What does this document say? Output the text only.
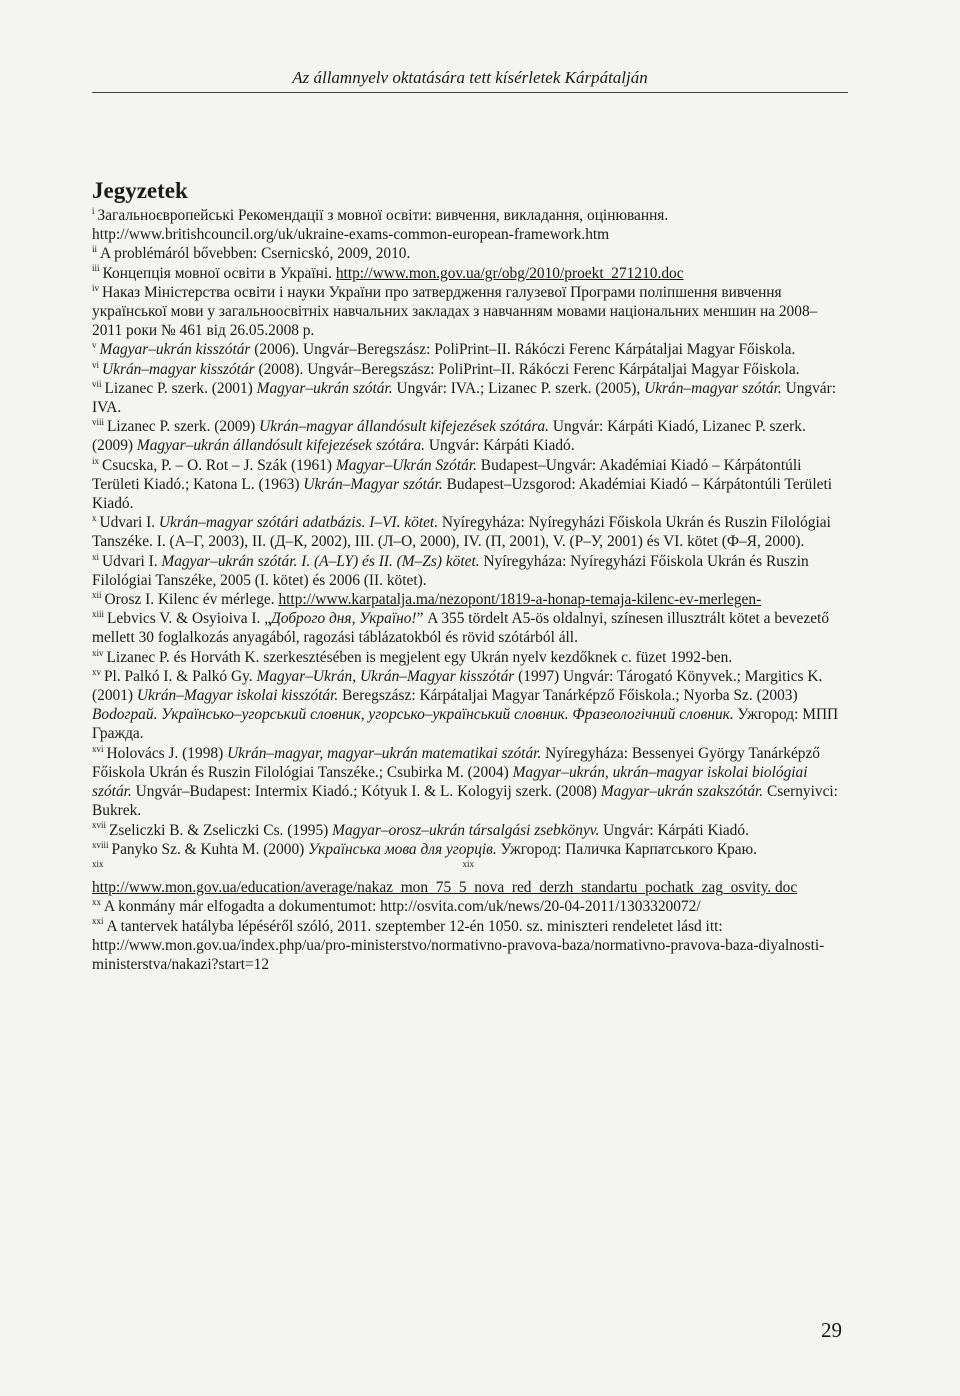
Az államnyelv oktatására tett kísérletek Kárpátalján
Jegyzetek

$^i$ Загальноєвропейські Рекомендації з мовної освіти: вивчення, викладання, оцінювання. http://www.britishcouncil.org/uk/ukraine-exams-common-european-framework.htm

$^{ii}$ A problémáról bővebben: Csernicskó, 2009, 2010.

$^{iii}$ Концепція мовної освіти в Україні. http://www.mon.gov.ua/gr/obg/2010/proekt_271210.doc

$^{iv}$ Наказ Міністерства освіти і науки України про затвердження галузевої Програми поліпшення вивчення української мови у загальноосвітніх навчальних закладах з навчанням мовами національних меншин на 2008–2011 роки № 461 від 26.05.2008 р.

$^v$ Magyar–ukrán kisszótár (2006). Ungvár–Beregszász: PoliPrint–II. Rákóczi Ferenc Kárpátaljai Magyar Főiskola.

$^{vi}$ Ukrán–magyar kisszótár (2008). Ungvár–Beregszász: PoliPrint–II. Rákóczi Ferenc Kárpátaljai Magyar Főiskola.

$^{vii}$ Lizanec P. szerk. (2001) Magyar–ukrán szótár. Ungvár: IVA.; Lizanec P. szerk. (2005), Ukrán–magyar szótár. Ungvár: IVA.

$^{viii}$ Lizanec P. szerk. (2009) Ukrán–magyar állandósult kifejezések szótára. Ungvár: Kárpáti Kiadó, Lizanec P. szerk. (2009) Magyar–ukrán állandósult kifejezések szótára. Ungvár: Kárpáti Kiadó.

$^{ix}$ Csucska, P. – O. Rot – J. Szák (1961) Magyar–Ukrán Szótár. Budapest–Ungvár: Akadémiai Kiadó – Kárpátontúli Területi Kiadó.; Katona L. (1963) Ukrán–Magyar szótár. Budapest–Uzsgorod: Akadémiai Kiadó – Kárpátontúli Területi Kiadó.

$^x$ Udvari I. Ukrán–magyar szótári adatbázis. I–VI. kötet. Nyíregyháza: Nyíregyházi Főiskola Ukrán és Ruszin Filológiai Tanszéke. I. (A–Г, 2003), II. (Д–К, 2002), III. (Л–О, 2000), IV. (П, 2001), V. (Р–У, 2001) és VI. kötet (Ф–Я, 2000).

$^{xi}$ Udvari I. Magyar–ukrán szótár. I. (A–LY) és II. (M–Zs) kötet. Nyíregyháza: Nyíregyházi Főiskola Ukrán és Ruszin Filológiai Tanszéke, 2005 (I. kötet) és 2006 (II. kötet).

$^{xii}$ Orosz I. Kilenc év mérlege. http://www.karpatalja.ma/nezopont/1819-a-honap-temaja-kilenc-ev-merlegen-

$^{xiii}$ Lebvics V. & Osyioiva I. „Доброго дня, Україно!” A 355 tördelt A5-ös oldalnyi, színesen illusztrált kötet a bevezető mellett 30 foglalkozás anyagából, ragozási táblázatokból és rövid szótárból áll.

$^{xiv}$ Lizanec P. és Horváth K. szerkesztésében is megjelent egy Ukrán nyelv kezdőknek c. füzet 1992-ben.

$^{xv}$ Pl. Palkó I. & Palkó Gy. Magyar–Ukrán, Ukrán–Magyar kisszótár (1997) Ungvár: Tárogató Könyvek.; Margitics K. (2001) Ukrán–Magyar iskolai kisszótár. Beregszász: Kárpátaljai Magyar Tanárképző Főiskola.; Nyorba Sz. (2003) Вodoграй. Українсько–угорський словник, угорсько–український словник. Фразеологічний словник. Ужгород: МПП Гражда.

$^{xvi}$ Holovács J. (1998) Ukrán–magyar, magyar–ukrán matematikai szótár. Nyíregyháza: Bessenyei György Tanárképző Főiskola Ukrán és Ruszin Filológiai Tanszéke.; Csubirka M. (2004) Magyar–ukrán, ukrán–magyar iskolai biológiai szótár. Ungvár–Budapest: Intermix Kiadó.; Kótyuk I. & L. Kologyij szerk. (2008) Magyar–ukrán szakszótár. Csernyivci: Bukrek.

$^{xvii}$ Zseliczki B. & Zseliczki Cs. (1995) Magyar–orosz–ukrán társalgási zsebkönyv. Ungvár: Kárpáti Kiadó.

$^{xviii}$ Panyko Sz. & Kuhta M. (2000) Українська мова для угорців. Ужгород: Паличка Карпатського Краю.

$^{xix}$	$^{xix}$
http://www.mon.gov.ua/education/average/nakaz_mon_75_5_nova_red_derzh_standartu_pochatk_zag_osvity. doc

$^{xx}$ A konmány már elfogadta a dokumentumot: http://osvita.com/uk/news/20-04-2011/1303320072/

$^{xxi}$ A tantervek hatályba lépéséről szóló, 2011. szeptember 12-én 1050. sz. miniszteri rendeletet lásd itt: http://www.mon.gov.ua/index.php/ua/pro-ministerstvo/normativno-pravova-baza/normativno-pravova-baza-diyalnosti-ministerstva/nakazi?start=12

29
